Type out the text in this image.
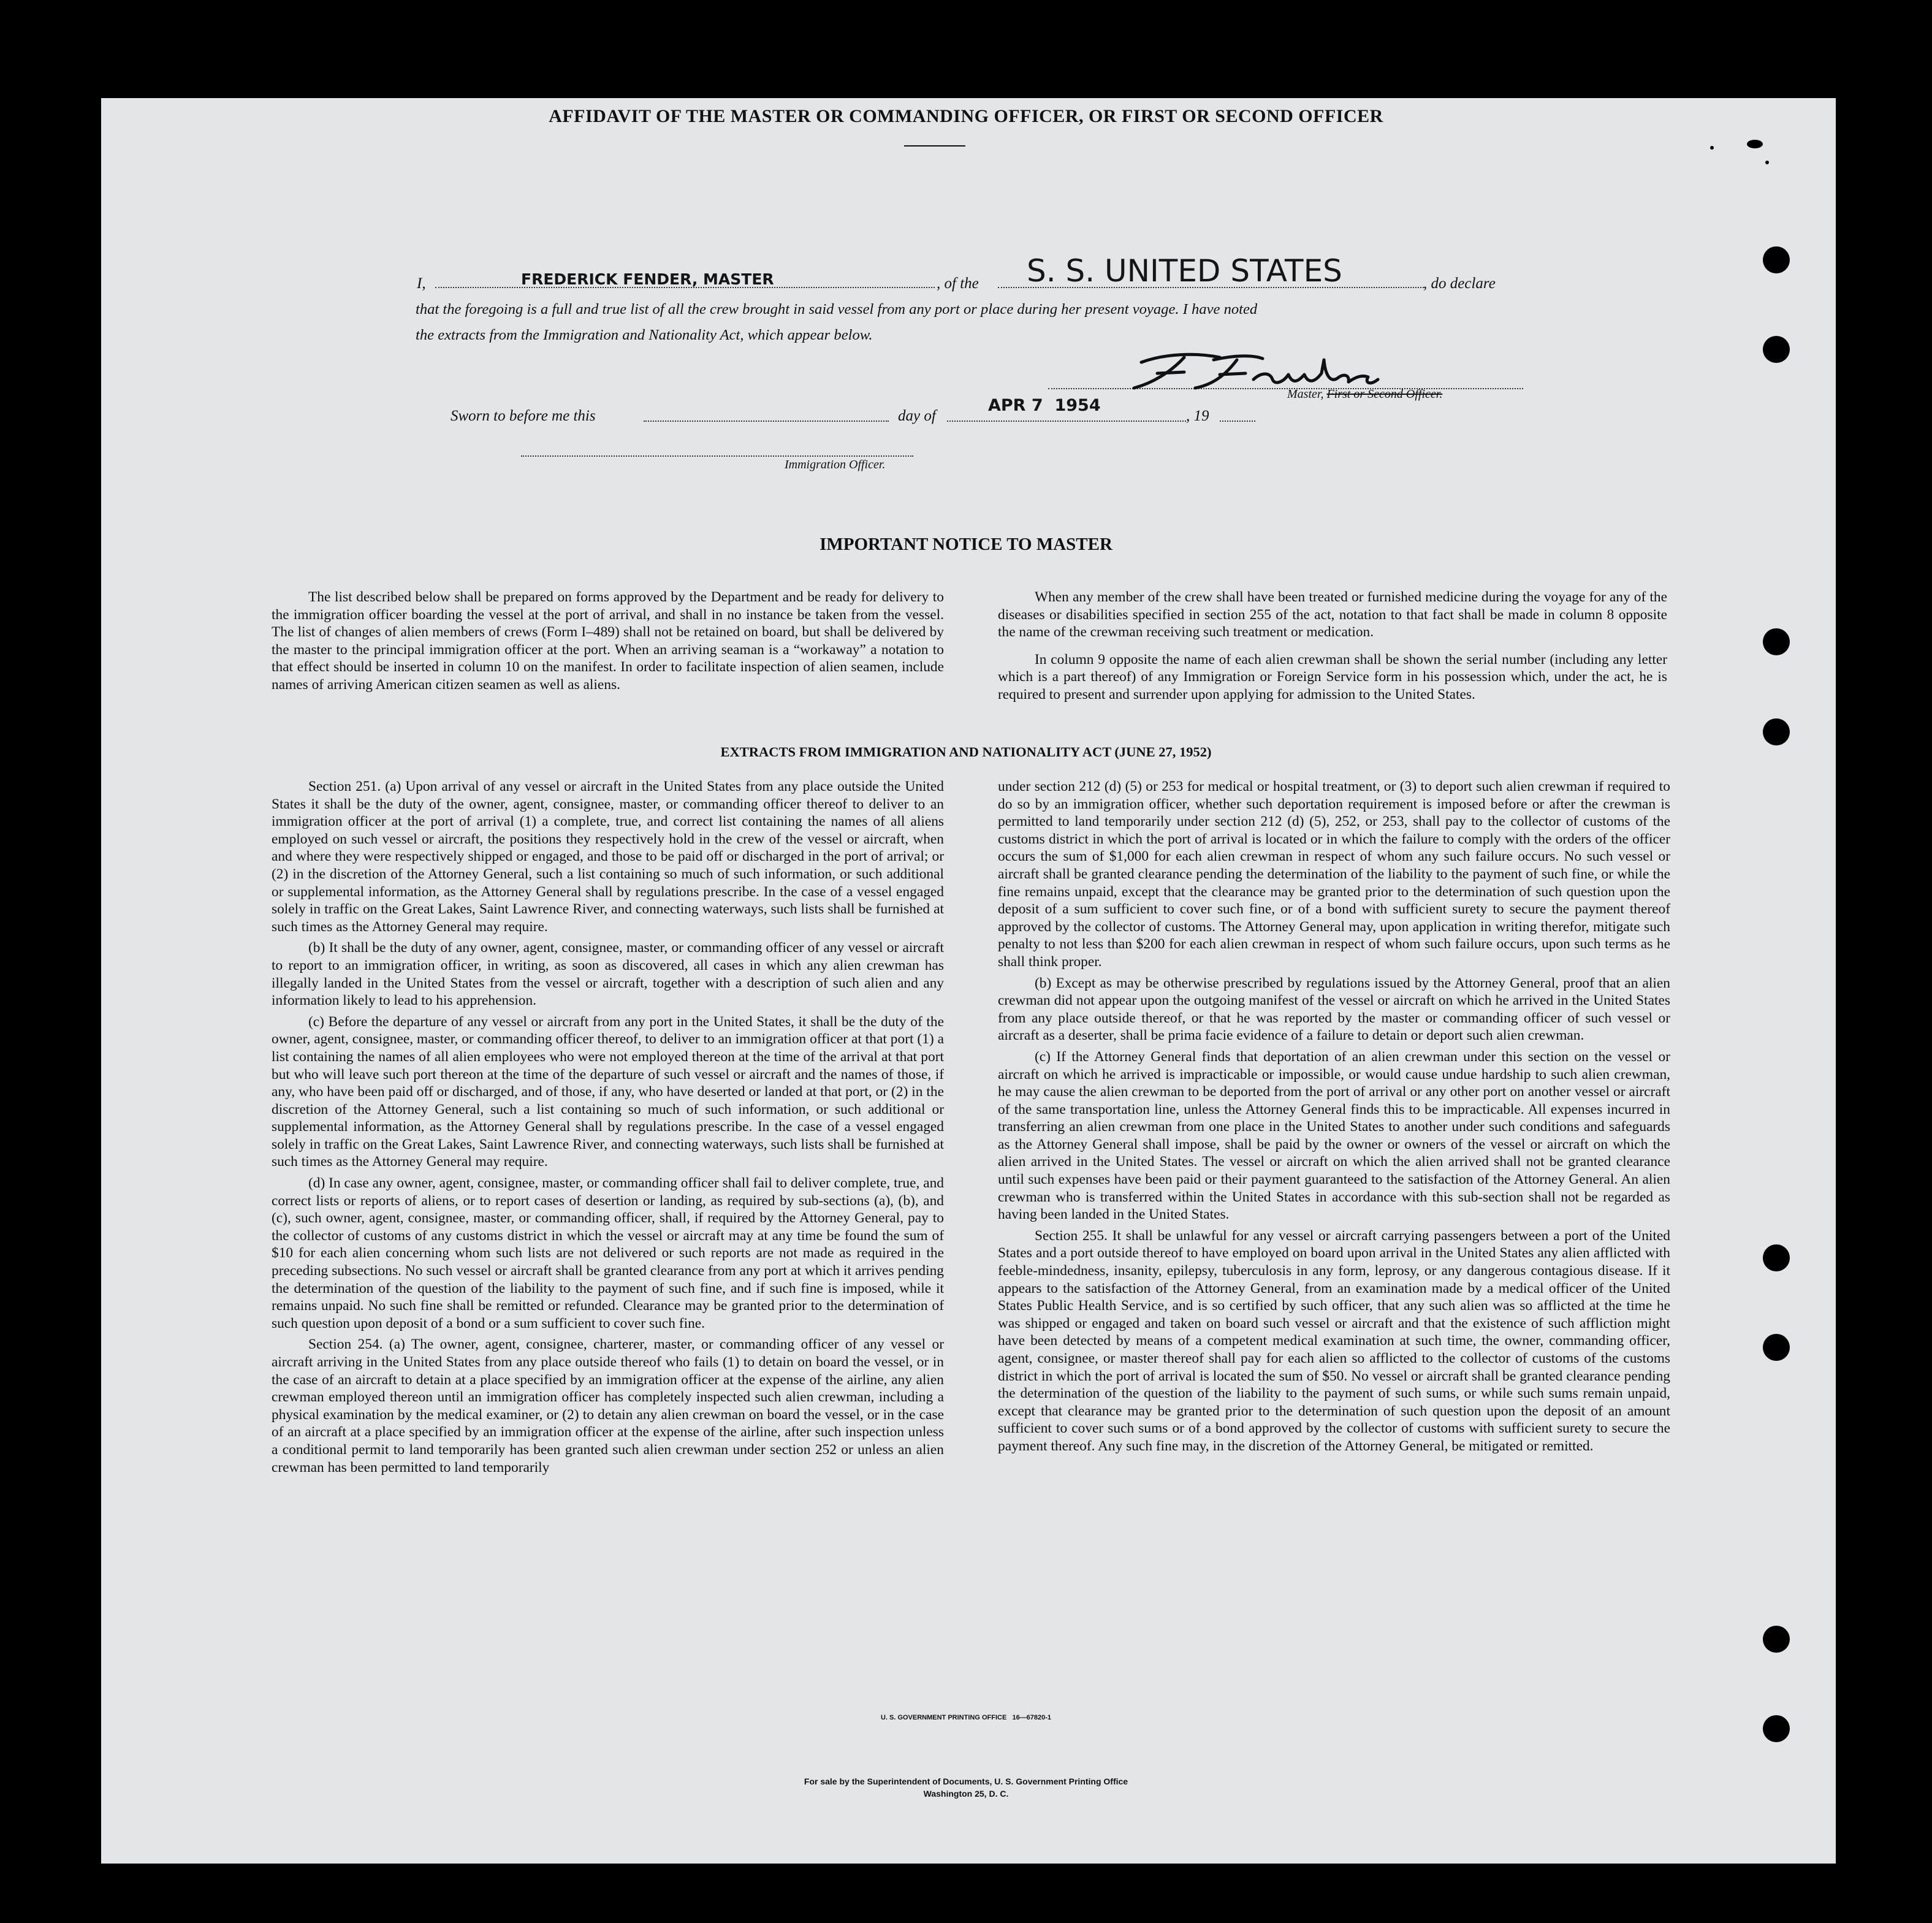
AFFIDAVIT OF THE MASTER OR COMMANDING OFFICER, OR FIRST OR SECOND OFFICER
I,	FREDERICK FENDER, MASTER	, of the S. S. UNITED STATES	, do declare
that the foregoing is a full and true list of all the crew brought in said vessel from any port or place during her present voyage. I have noted
the extracts from the Immigration and Nationality Act, which appear below.
Master, First or Second Officer.
Sworn to before me this	day of
APR 7  1954
, 19
Immigration Officer.
IMPORTANT NOTICE TO MASTER

The list described below shall be prepared on forms approved by the Department and be ready for delivery to the immigration officer boarding the vessel at the port of arrival, and shall in no instance be taken from the vessel. The list of changes of alien members of crews (Form I–489) shall not be retained on board, but shall be delivered by the master to the principal immigration officer at the port. When an arriving seaman is a “workaway” a notation to that effect should be inserted in column 10 on the manifest. In order to facilitate inspection of alien seamen, include names of arriving American citizen seamen as well as aliens.

When any member of the crew shall have been treated or furnished medicine during the voyage for any of the diseases or disabilities specified in section 255 of the act, notation to that fact shall be made in column 8 opposite the name of the crewman receiving such treatment or medication.

In column 9 opposite the name of each alien crewman shall be shown the serial number (including any letter which is a part thereof) of any Immigration or Foreign Service form in his possession which, under the act, he is required to present and surrender upon applying for admission to the United States.

EXTRACTS FROM IMMIGRATION AND NATIONALITY ACT (JUNE 27, 1952)

Section 251. (a) Upon arrival of any vessel or aircraft in the United States from any place outside the United States it shall be the duty of the owner, agent, consignee, master, or commanding officer thereof to deliver to an immigration officer at the port of arrival (1) a complete, true, and correct list containing the names of all aliens employed on such vessel or aircraft, the positions they respectively hold in the crew of the vessel or aircraft, when and where they were respectively shipped or engaged, and those to be paid off or discharged in the port of arrival; or (2) in the discretion of the Attorney General, such a list containing so much of such information, or such additional or supplemental information, as the Attorney General shall by regulations prescribe. In the case of a vessel engaged solely in traffic on the Great Lakes, Saint Lawrence River, and connecting waterways, such lists shall be furnished at such times as the Attorney General may require.

(b) It shall be the duty of any owner, agent, consignee, master, or commanding officer of any vessel or aircraft to report to an immigration officer, in writing, as soon as discovered, all cases in which any alien crewman has illegally landed in the United States from the vessel or aircraft, together with a description of such alien and any information likely to lead to his apprehension.

(c) Before the departure of any vessel or aircraft from any port in the United States, it shall be the duty of the owner, agent, consignee, master, or commanding officer thereof, to deliver to an immigration officer at that port (1) a list containing the names of all alien employees who were not employed thereon at the time of the arrival at that port but who will leave such port thereon at the time of the departure of such vessel or aircraft and the names of those, if any, who have been paid off or discharged, and of those, if any, who have deserted or landed at that port, or (2) in the discretion of the Attorney General, such a list containing so much of such information, or such additional or supplemental information, as the Attorney General shall by regulations prescribe. In the case of a vessel engaged solely in traffic on the Great Lakes, Saint Lawrence River, and connecting waterways, such lists shall be furnished at such times as the Attorney General may require.

(d) In case any owner, agent, consignee, master, or commanding officer shall fail to deliver complete, true, and correct lists or reports of aliens, or to report cases of desertion or landing, as required by sub-sections (a), (b), and (c), such owner, agent, consignee, master, or commanding officer, shall, if required by the Attorney General, pay to the collector of customs of any customs district in which the vessel or aircraft may at any time be found the sum of $10 for each alien concerning whom such lists are not delivered or such reports are not made as required in the preceding subsections. No such vessel or aircraft shall be granted clearance from any port at which it arrives pending the determination of the question of the liability to the payment of such fine, and if such fine is imposed, while it remains unpaid. No such fine shall be remitted or refunded. Clearance may be granted prior to the determination of such question upon deposit of a bond or a sum sufficient to cover such fine.

Section 254. (a) The owner, agent, consignee, charterer, master, or commanding officer of any vessel or aircraft arriving in the United States from any place outside thereof who fails (1) to detain on board the vessel, or in the case of an aircraft to detain at a place specified by an immigration officer at the expense of the airline, any alien crewman employed thereon until an immigration officer has completely inspected such alien crewman, including a physical examination by the medical examiner, or (2) to detain any alien crewman on board the vessel, or in the case of an aircraft at a place specified by an immigration officer at the expense of the airline, after such inspection unless a conditional permit to land temporarily has been granted such alien crewman under section 252 or unless an alien crewman has been permitted to land temporarily

under section 212 (d) (5) or 253 for medical or hospital treatment, or (3) to deport such alien crewman if required to do so by an immigration officer, whether such deportation requirement is imposed before or after the crewman is permitted to land temporarily under section 212 (d) (5), 252, or 253, shall pay to the collector of customs of the customs district in which the port of arrival is located or in which the failure to comply with the orders of the officer occurs the sum of $1,000 for each alien crewman in respect of whom any such failure occurs. No such vessel or aircraft shall be granted clearance pending the determination of the liability to the payment of such fine, or while the fine remains unpaid, except that the clearance may be granted prior to the determination of such question upon the deposit of a sum sufficient to cover such fine, or of a bond with sufficient surety to secure the payment thereof approved by the collector of customs. The Attorney General may, upon application in writing therefor, mitigate such penalty to not less than $200 for each alien crewman in respect of whom such failure occurs, upon such terms as he shall think proper.

(b) Except as may be otherwise prescribed by regulations issued by the Attorney General, proof that an alien crewman did not appear upon the outgoing manifest of the vessel or aircraft on which he arrived in the United States from any place outside thereof, or that he was reported by the master or commanding officer of such vessel or aircraft as a deserter, shall be prima facie evidence of a failure to detain or deport such alien crewman.

(c) If the Attorney General finds that deportation of an alien crewman under this section on the vessel or aircraft on which he arrived is impracticable or impossible, or would cause undue hardship to such alien crewman, he may cause the alien crewman to be deported from the port of arrival or any other port on another vessel or aircraft of the same transportation line, unless the Attorney General finds this to be impracticable. All expenses incurred in transferring an alien crewman from one place in the United States to another under such conditions and safeguards as the Attorney General shall impose, shall be paid by the owner or owners of the vessel or aircraft on which the alien arrived in the United States. The vessel or aircraft on which the alien arrived shall not be granted clearance until such expenses have been paid or their payment guaranteed to the satisfaction of the Attorney General. An alien crewman who is transferred within the United States in accordance with this sub-section shall not be regarded as having been landed in the United States.

Section 255. It shall be unlawful for any vessel or aircraft carrying passengers between a port of the United States and a port outside thereof to have employed on board upon arrival in the United States any alien afflicted with feeble-mindedness, insanity, epilepsy, tuberculosis in any form, leprosy, or any dangerous contagious disease. If it appears to the satisfaction of the Attorney General, from an examination made by a medical officer of the United States Public Health Service, and is so certified by such officer, that any such alien was so afflicted at the time he was shipped or engaged and taken on board such vessel or aircraft and that the existence of such affliction might have been detected by means of a competent medical examination at such time, the owner, commanding officer, agent, consignee, or master thereof shall pay for each alien so afflicted to the collector of customs of the customs district in which the port of arrival is located the sum of $50. No vessel or aircraft shall be granted clearance pending the determination of the question of the liability to the payment of such sums, or while such sums remain unpaid, except that clearance may be granted prior to the determination of such question upon the deposit of an amount sufficient to cover such sums or of a bond approved by the collector of customs with sufficient surety to secure the payment thereof. Any such fine may, in the discretion of the Attorney General, be mitigated or remitted.

U. S. GOVERNMENT PRINTING OFFICE   16—67820-1
For sale by the Superintendent of Documents, U. S. Government Printing Office
Washington 25, D. C.
